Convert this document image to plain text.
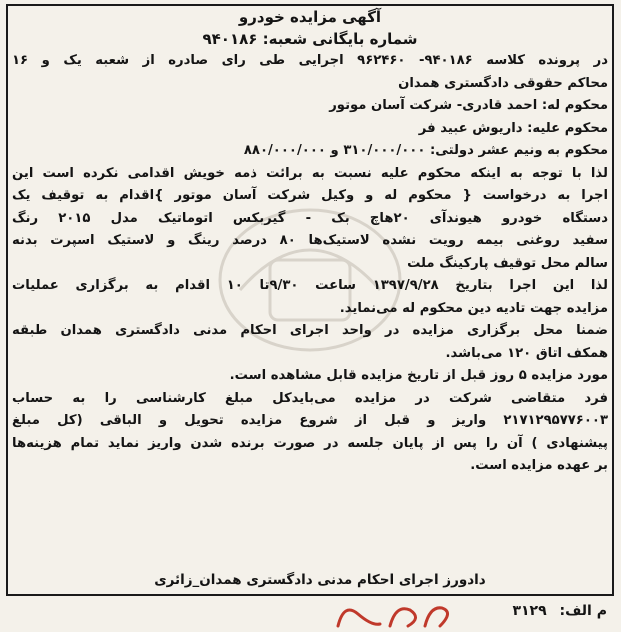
آگهی مزایده خودرو
شماره بایگانی شعبه: ۹۴۰۱۸۶
در پرونده کلاسه ۹۴۰۱۸۶- ۹۶۲۴۶۰ اجرایی طی رای صادره از شعبه یک و ۱۶
محاکم حقوقی دادگستری همدان
محکوم له: احمد قادری- شرکت آسان موتور
محکوم علیه: داریوش عبید فر
محکوم به ونیم عشر دولتی: ۳۱۰/۰۰۰/۰۰۰ و ۸۸۰/۰۰۰/۰۰۰
لذا با توجه به اینکه محکوم علیه نسبت به برائت ذمه خویش اقدامی نکرده است این
اجرا به درخواست { محکوم له و وکیل شرکت آسان موتور }اقدام به توقیف یک
دستگاه خودرو هیوندآی ۲۰هاچ بک - گیربکس اتوماتیک مدل ۲۰۱۵ رنگ
سفید روغنی بیمه رویت نشده لاستیک‌ها ۸۰ درصد رینگ و لاستیک اسپرت بدنه
سالم محل توقیف پارکینگ ملت
لذا این اجرا بتاریخ ۱۳۹۷/۹/۲۸ ساعت ۹/۳۰تا ۱۰ اقدام به برگزاری عملیات
مزایده جهت تادیه دین محکوم له می‌نماید.
ضمنا محل برگزاری مزایده در واحد اجرای احکام مدنی دادگستری همدان طبقه
همکف اتاق ۱۲۰ می‌باشد.
مورد مزایده ۵ روز قبل از تاریخ مزایده قابل مشاهده است.
فرد متقاضی شرکت در مزایده می‌بایدکل مبلغ کارشناسی را به حساب
۲۱۷۱۲۹۵۷۷۶۰۰۳ واریز و قبل از شروع مزایده تحویل و الباقی (کل مبلغ
پیشنهادی ) آن را پس از پایان جلسه در صورت برنده شدن واریز نماید تمام هزینه‌ها
بر عهده مزایده است.
دادورز اجرای احکام مدنی دادگستری همدان_زائری
م الف: ۳۱۲۹
